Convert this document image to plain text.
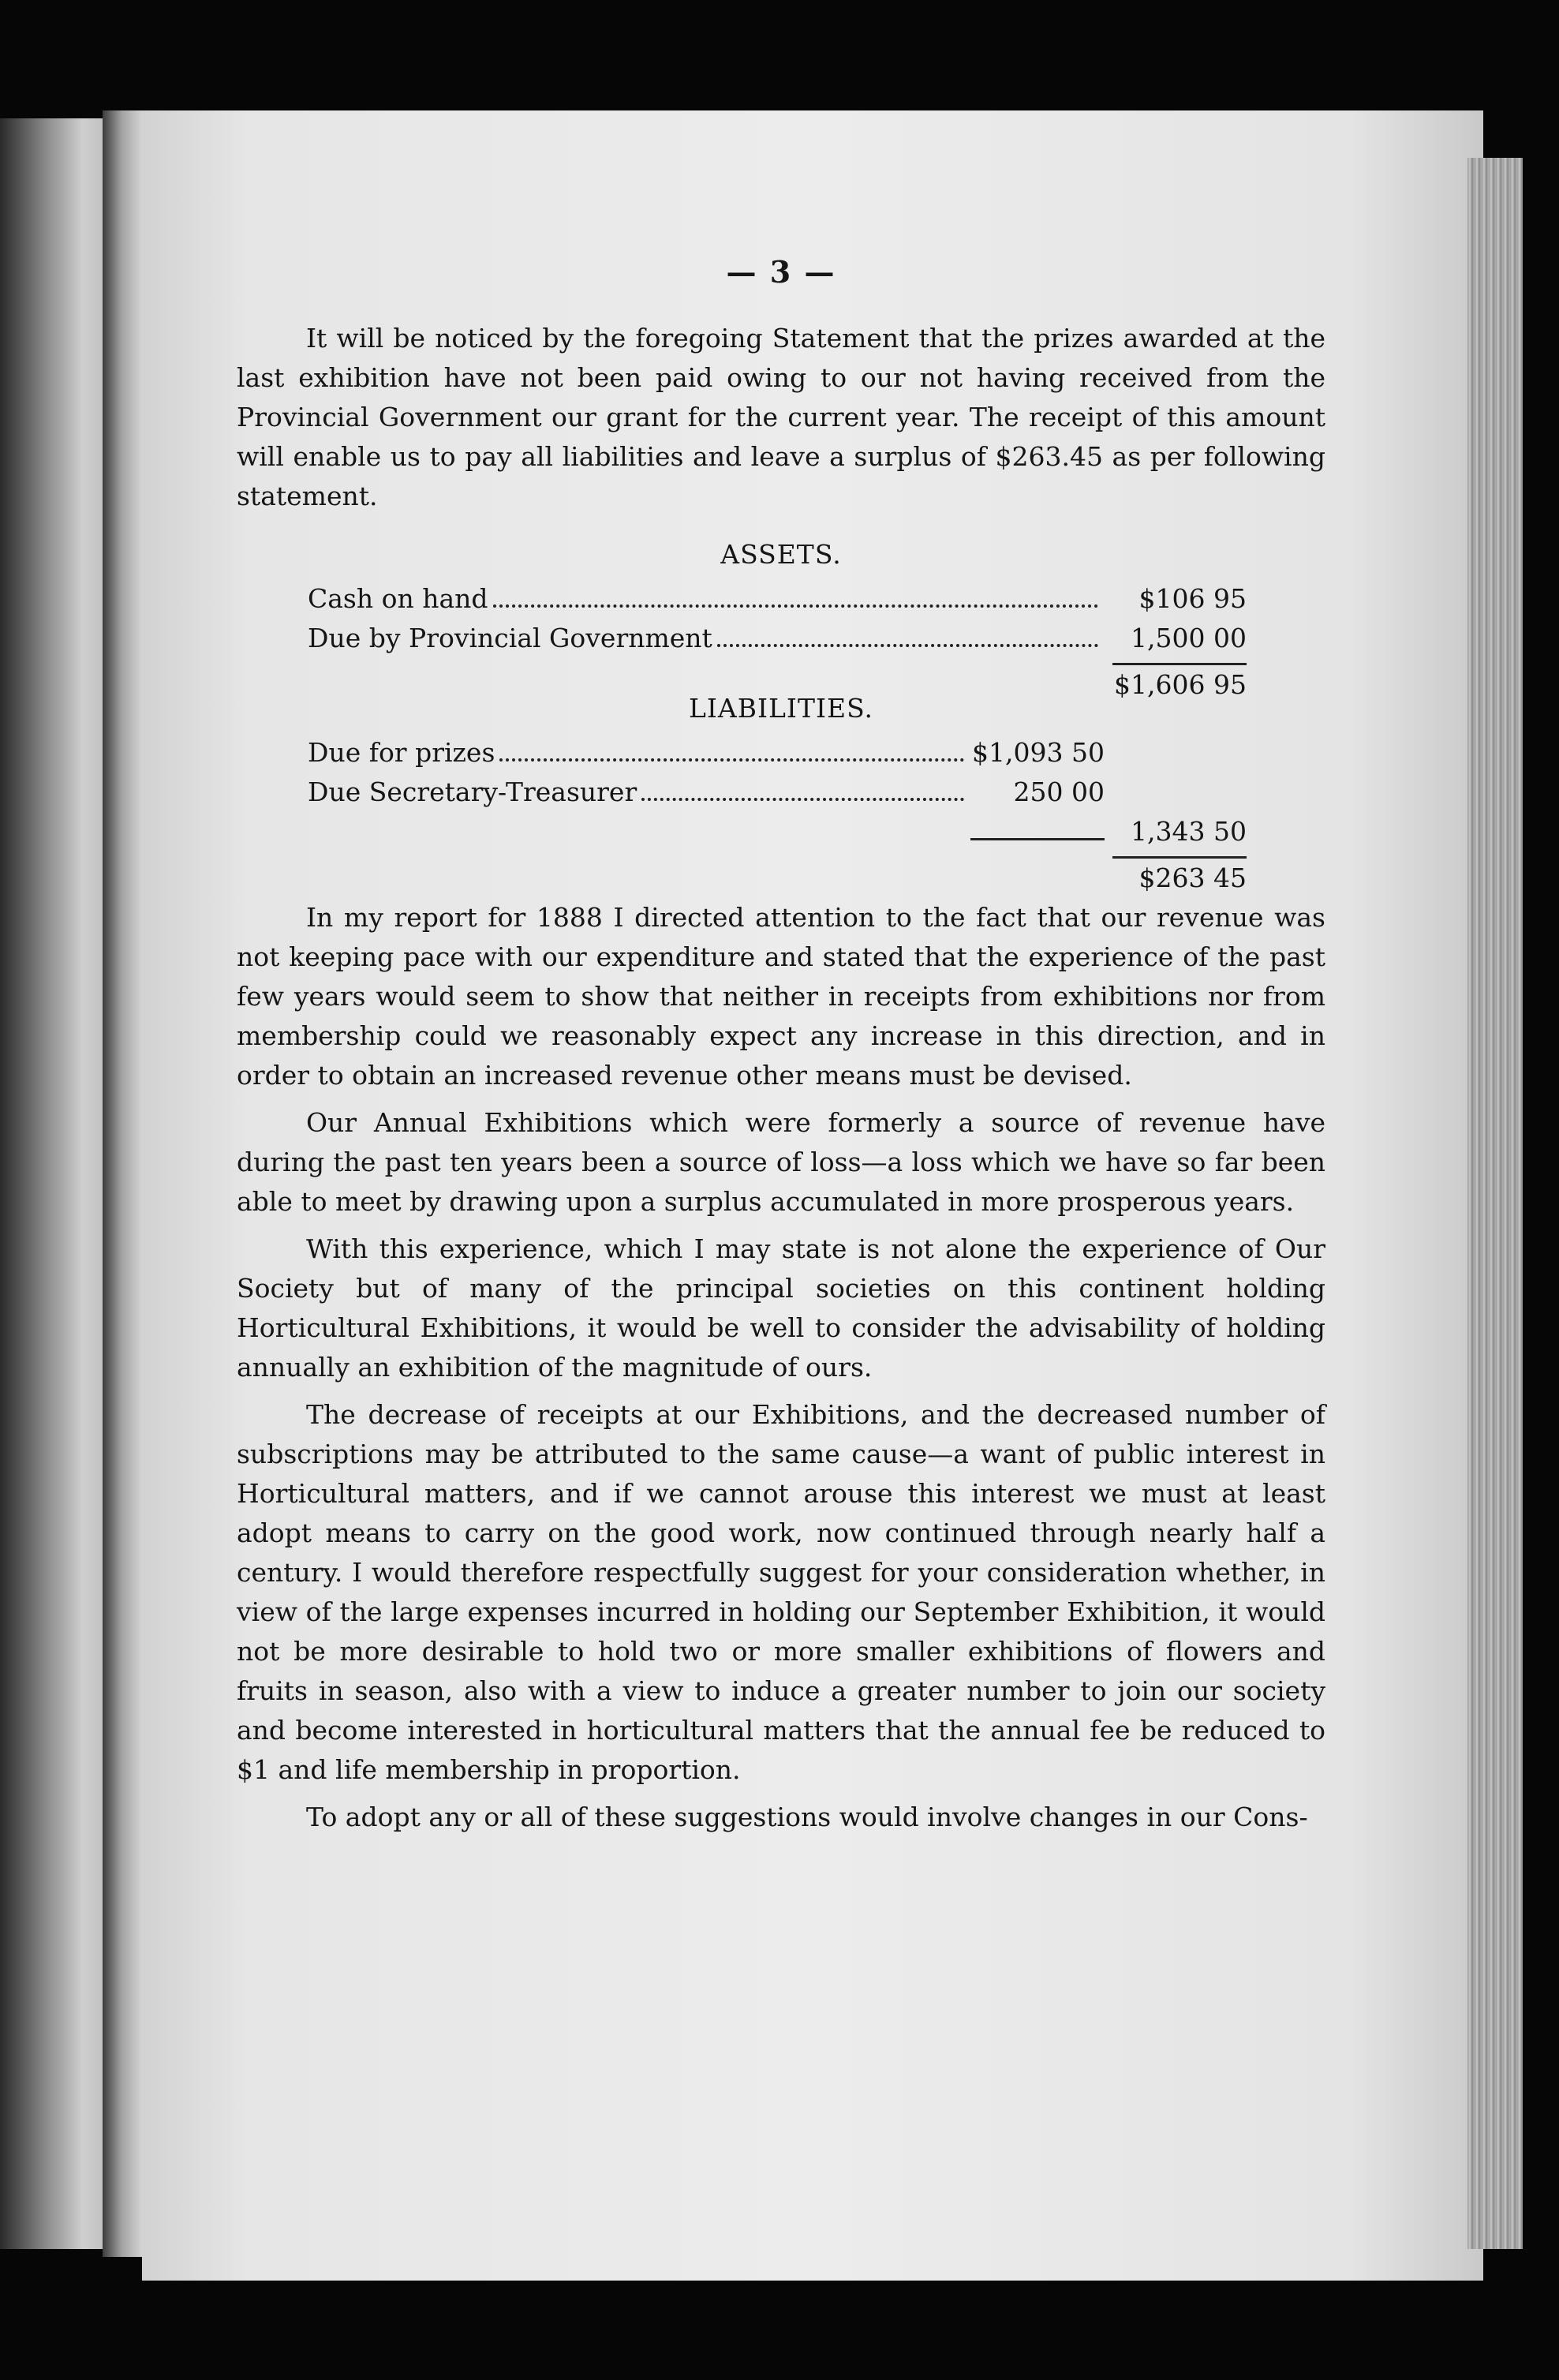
— 3 —

It will be noticed by the foregoing Statement that the prizes awarded at the last exhibition have not been paid owing to our not having received from the Provincial Government our grant for the current year. The receipt of this amount will enable us to pay all liabilities and leave a surplus of $263.45 as per following statement.

ASSETS.
Cash on hand	$106 95
Due by Provincial Government	1,500 00
$1,606 95
LIABILITIES.
Due for prizes	$1,093 50
Due Secretary-Treasurer	250 00
1,343 50
$263 45

In my report for 1888 I directed attention to the fact that our revenue was not keeping pace with our expenditure and stated that the experience of the past few years would seem to show that neither in receipts from exhibitions nor from membership could we reasonably expect any increase in this direction, and in order to obtain an increased revenue other means must be devised.

Our Annual Exhibitions which were formerly a source of revenue have during the past ten years been a source of loss—a loss which we have so far been able to meet by drawing upon a surplus accumulated in more prosperous years.

With this experience, which I may state is not alone the experience of Our Society but of many of the principal societies on this continent holding Horticultural Exhibitions, it would be well to consider the advisability of holding annually an exhibition of the magnitude of ours.

The decrease of receipts at our Exhibitions, and the decreased number of subscriptions may be attributed to the same cause—a want of public interest in Horticultural matters, and if we cannot arouse this interest we must at least adopt means to carry on the good work, now continued through nearly half a century. I would therefore respectfully suggest for your consideration whether, in view of the large expenses incurred in holding our September Exhibition, it would not be more desirable to hold two or more smaller exhibitions of flowers and fruits in season, also with a view to induce a greater number to join our society and become interested in horticultural matters that the annual fee be reduced to $1 and life membership in proportion.

To adopt any or all of these suggestions would involve changes in our Cons-
